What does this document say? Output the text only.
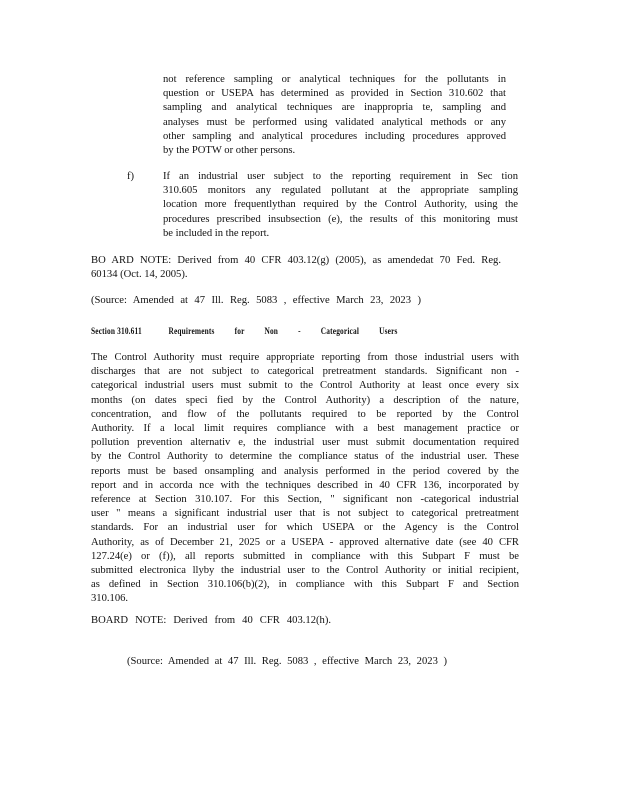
not reference sampling or analytical techniques for the pollutants in
question or USEPA has determined as provided in Section 310.602 that
sampling and analytical techniques are inappropria te, sampling and
analyses must be performed using validated analytical methods or any
other sampling and analytical procedures including procedures approved
by the POTW or other persons.
f)	If an industrial user subject to the reporting requirement in Sec tion
310.605 monitors any regulated pollutant at the appropriate sampling
location more frequentlythan required by the Control Authority, using the
procedures prescribed insubsection (e), the results of this monitoring must
be included in the report.
BO ARD NOTE: Derived from 40 CFR 403.12(g) (2005), as amendedat 70 Fed. Reg.
60134 (Oct. 14, 2005).
(Source: Amended at 47 Ill. Reg. 5083 , effective March 23, 2023 )
Section 310.611	Requirements for Non - Categorical Users
The Control Authority must require appropriate reporting from those industrial users with
discharges that are not subject to categorical pretreatment standards. Significant non -
categorical industrial users must submit to the Control Authority at least once every six
months (on dates speci fied by the Control Authority) a description of the nature,
concentration, and flow of the pollutants required to be reported by the Control
Authority. If a local limit requires compliance with a best management practice or
pollution prevention alternativ e, the industrial user must submit documentation required
by the Control Authority to determine the compliance status of the industrial user. These
reports must be based onsampling and analysis performed in the period covered by the
report and in accorda nce with the techniques described in 40 CFR 136, incorporated by
reference at Section 310.107. For this Section, " significant non -categorical industrial
user " means a significant industrial user that is not subject to categorical pretreatment
standards. For an industrial user for which USEPA or the Agency is the Control
Authority, as of December 21, 2025 or a USEPA - approved alternative date (see 40 CFR
127.24(e) or (f)), all reports submitted in compliance with this Subpart F must be
submitted electronica llyby the industrial user to the Control Authority or initial recipient,
as defined in Section 310.106(b)(2), in compliance with this Subpart F and Section
310.106.
BOARD NOTE: Derived from 40 CFR 403.12(h).
(Source: Amended at 47 Ill. Reg. 5083 , effective March 23, 2023 )
